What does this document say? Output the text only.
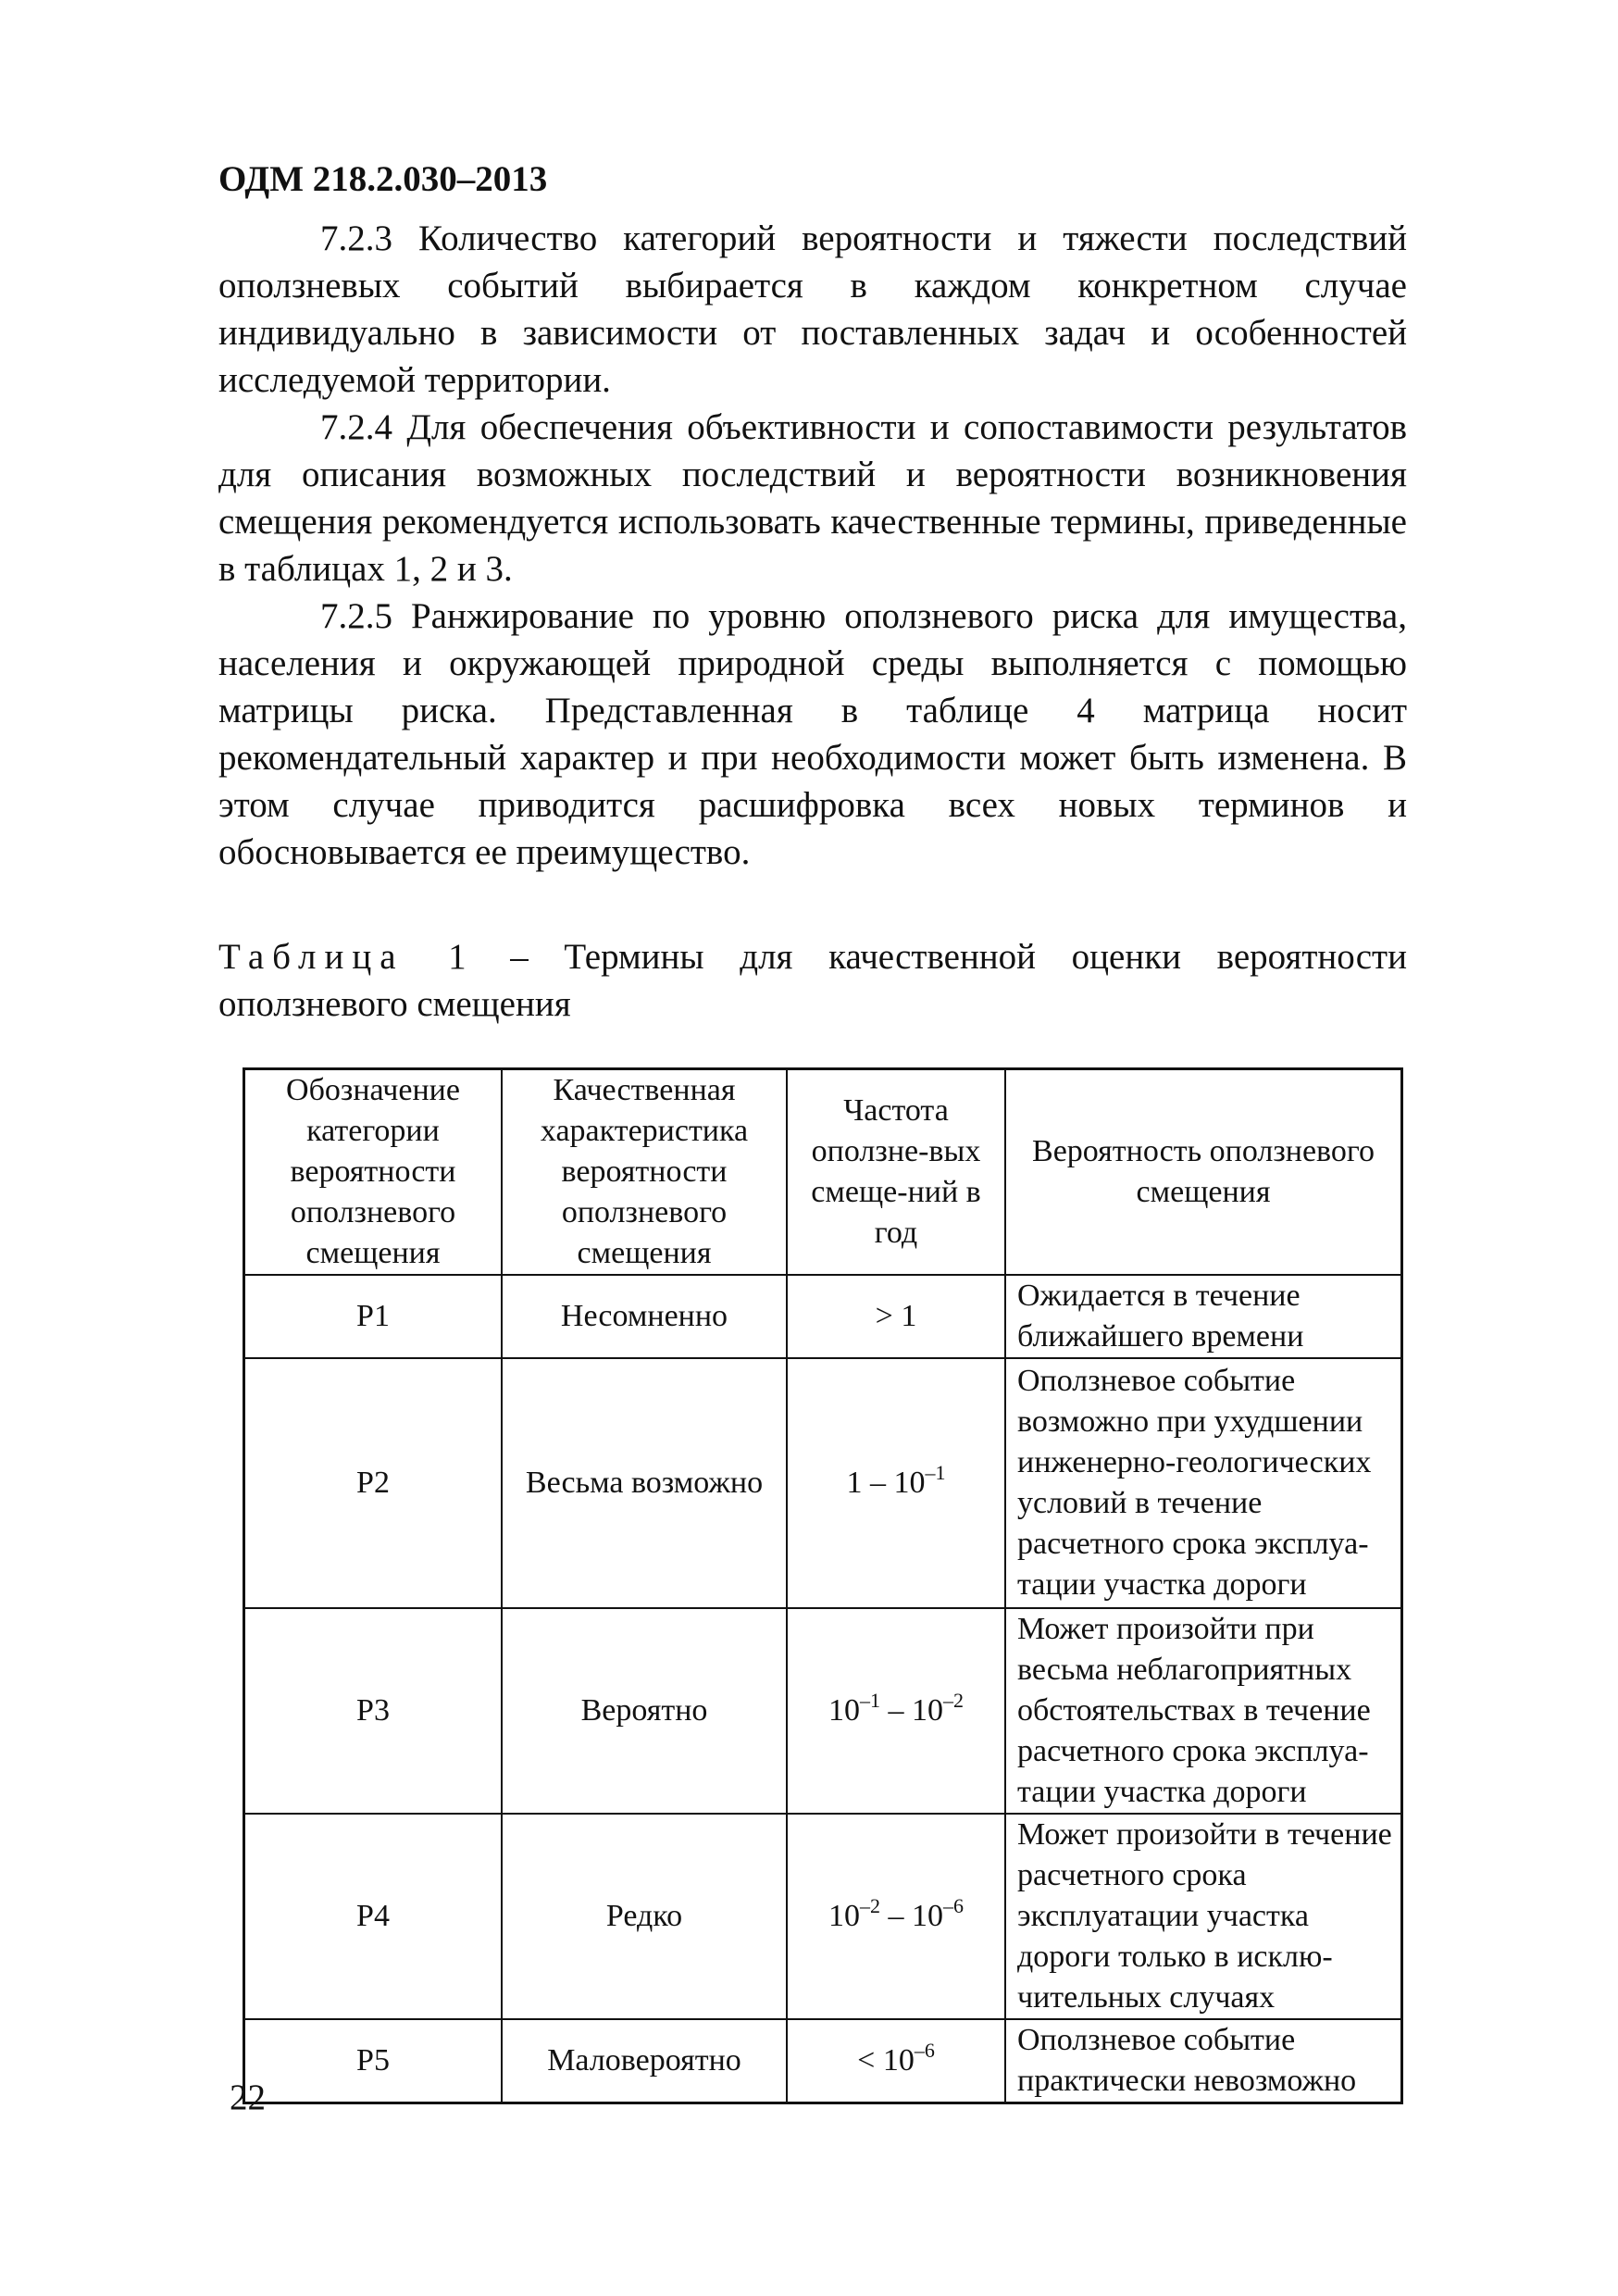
ОДМ 218.2.030–2013

7.2.3 Количество категорий вероятности и тяжести последствий оползневых событий выбирается в каждом конкретном случае индивидуально в зависимости от поставленных задач и особенностей исследуемой территории.

7.2.4 Для обеспечения объективности и сопоставимости результатов для описания возможных последствий и вероятности возникновения смещения рекомендуется использовать качественные термины, приведенные в таблицах 1, 2 и 3.

7.2.5 Ранжирование по уровню оползневого риска для имущества, населения и окружающей природной среды выполняется с помощью матрицы риска. Представленная в таблице 4 матрица носит рекомендательный характер и при необходимости может быть изменена. В этом случае приводится расшифровка всех новых терминов и обосновывается ее преимущество.

Таблица 1 – Термины для качественной оценки вероятности оползневого смещения
Обозначение категории вероятности оползневого смещения	Качественная характеристика вероятности оползневого смещения	Частота оползне-вых смеще-ний в год	Вероятность оползневого смещения
P1	Несомненно	> 1	Ожидается в течение ближайшего времени
P2	Весьма возможно	$1 - 10^{-1}$	Оползневое событие возможно при ухудшении инженерно-геологических условий в течение расчетного срока эксплуа-тации участка дороги
P3	Вероятно	$10^{-1} - 10^{-2}$	Может произойти при весьма неблагоприятных обстоятельствах в течение расчетного срока эксплуа-тации участка дороги
P4	Редко	$10^{-2} - 10^{-6}$	Может произойти в течение расчетного срока эксплуатации участка дороги только в исклю-чительных случаях
P5	Маловероятно	< $10^{-6}$	Оползневое событие практически невозможно
22
